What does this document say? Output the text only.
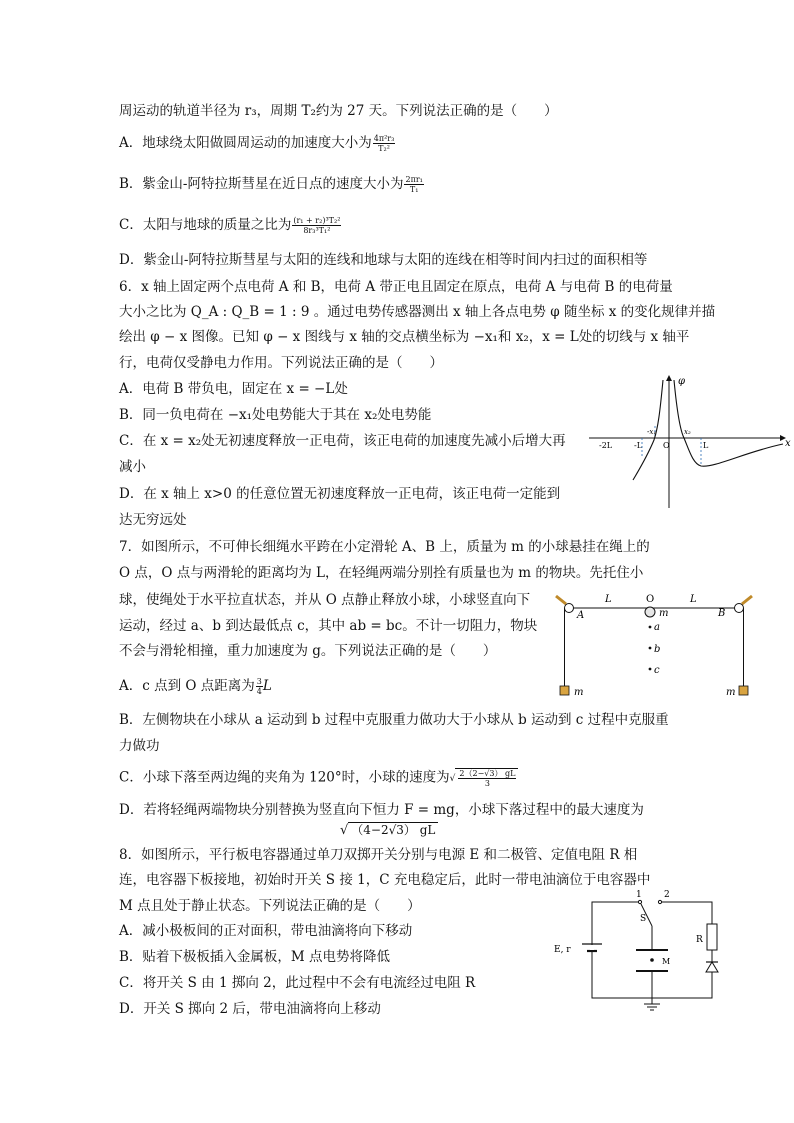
周运动的轨道半径为 r₃，周期 T₂约为 27 天。下列说法正确的是（　　）
A．地球绕太阳做圆周运动的加速度大小为 $\frac{\text{4π²r₃}}{\text{T₂²}}$
B．紫金山-阿特拉斯彗星在近日点的速度大小为 $\frac{\text{2πr₁}}{\text{T₁}}$
C．太阳与地球的质量之比为 $\frac{\text{(r₁ + r₂)³T₂²}}{\text{8r₃³T₁²}}$
D．紫金山-阿特拉斯彗星与太阳的连线和地球与太阳的连线在相等时间内扫过的面积相等
6．x 轴上固定两个点电荷 A 和 B，电荷 A 带正电且固定在原点，电荷 A 与电荷 B 的电荷量
大小之比为 Q_A : Q_B = 1 : 9 。通过电势传感器测出 x 轴上各点电势 φ 随坐标 x 的变化规律并描
绘出 φ − x 图像。已知 φ − x 图线与 x 轴的交点横坐标为 −x₁和 x₂，x = L处的切线与 x 轴平
行，电荷仅受静电力作用。下列说法正确的是（　　）
A．电荷 B 带负电，固定在 x = −L处
B．同一负电荷在 −x₁处电势能大于其在 x₂处电势能
C．在 x = x₂处无初速度释放一正电荷，该正电荷的加速度先减小后增大再
减小
D．在 x 轴上 x>0 的任意位置无初速度释放一正电荷，该正电荷一定能到
达无穷远处
φ
x
-2L	-L	O	L
-x₁	x₂
7．如图所示，不可伸长细绳水平跨在小定滑轮 A、B 上，质量为 m 的小球悬挂在绳上的
O 点，O 点与两滑轮的距离均为 L，在轻绳两端分别拴有质量也为 m 的物块。先托住小
球，使绳处于水平拉直状态，并从 O 点静止释放小球，小球竖直向下
运动，经过 a、b 到达最低点 c，其中 ab = bc。不计一切阻力，物块
不会与滑轮相撞，重力加速度为 g。下列说法正确的是（　　）
A．c 点到 O 点距离为 $\frac{3}{4}$ L
B．左侧物块在小球从 a 运动到 b 过程中克服重力做功大于小球从 b 运动到 c 过程中克服重
力做功
C．小球下落至两边绳的夹角为 120°时，小球的速度为√ $\frac{2(2-√3) gL}{3}$
D．若将轻绳两端物块分别替换为竖直向下恒力 F = mg，小球下落过程中的最大速度为
√ （4−2√3） gL
L	O	L
A	m	B
a
b
c
m	m
8．如图所示，平行板电容器通过单刀双掷开关分别与电源 E 和二极管、定值电阻 R 相
连，电容器下板接地，初始时开关 S 接 1，C 充电稳定后，此时一带电油滴位于电容器中
M 点且处于静止状态。下列说法正确的是（　　）
A．减小极板间的正对面积，带电油滴将向下移动
B．贴着下极板插入金属板，M 点电势将降低
C．将开关 S 由 1 掷向 2，此过程中不会有电流经过电阻 R
D．开关 S 掷向 2 后，带电油滴将向上移动
E, r
1 2
S
M
R
